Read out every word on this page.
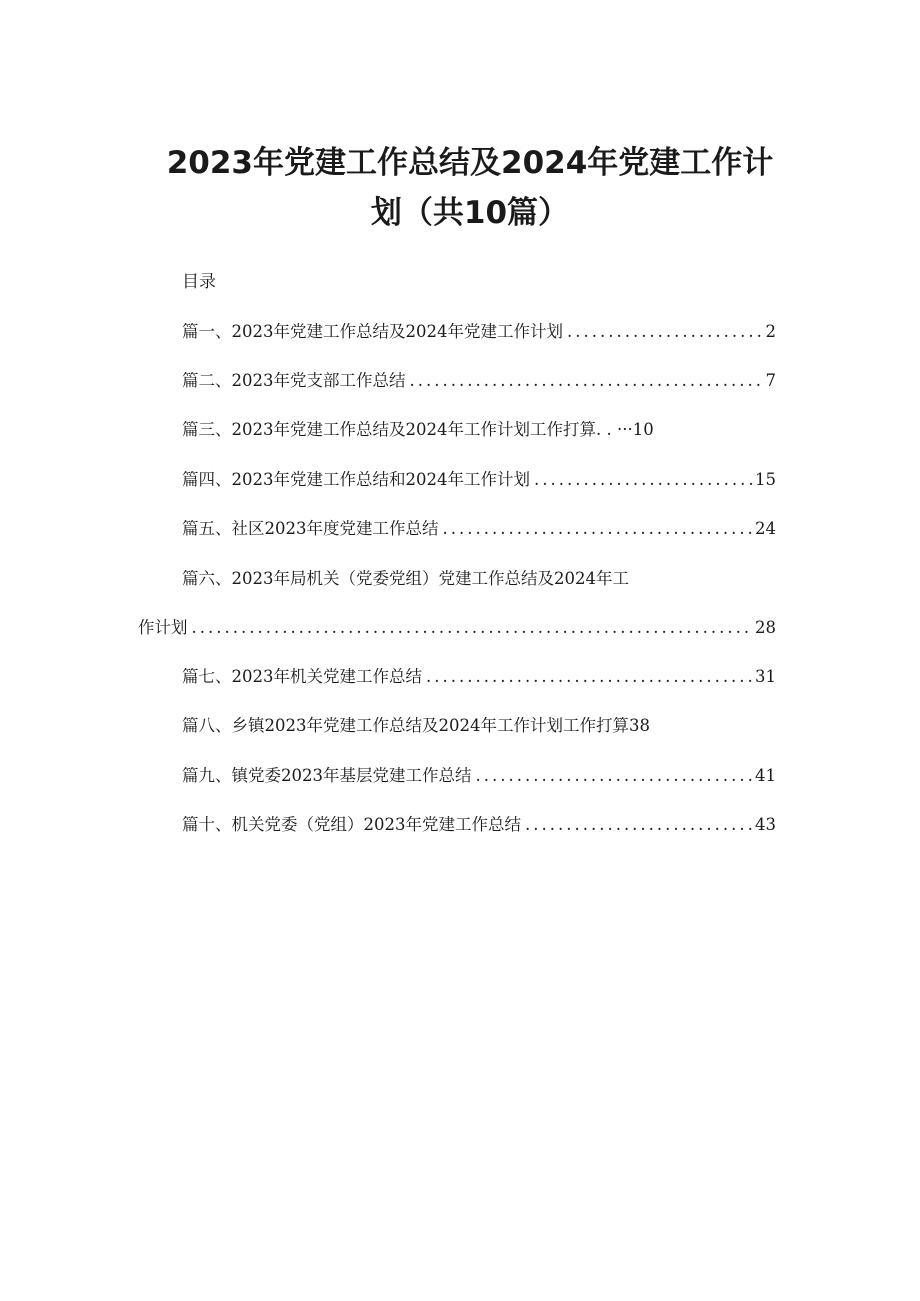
2023年党建工作总结及2024年党建工作计
划（共10篇）
目录
篇一、2023年党建工作总结及2024年党建工作计划 .....	2
篇二、2023年党支部工作总结 .....	7
篇三、2023年党建工作总结及2024年工作计划工作打算. . ···10
篇四、2023年党建工作总结和2024年工作计划 .....	15
篇五、社区2023年度党建工作总结 .....	24
篇六、2023年局机关（党委党组）党建工作总结及2024年工
作计划 .....	28
篇七、2023年机关党建工作总结 .....	31
篇八、乡镇2023年党建工作总结及2024年工作计划工作打算38
篇九、镇党委2023年基层党建工作总结 .....	41
篇十、机关党委（党组）2023年党建工作总结 .....	43
